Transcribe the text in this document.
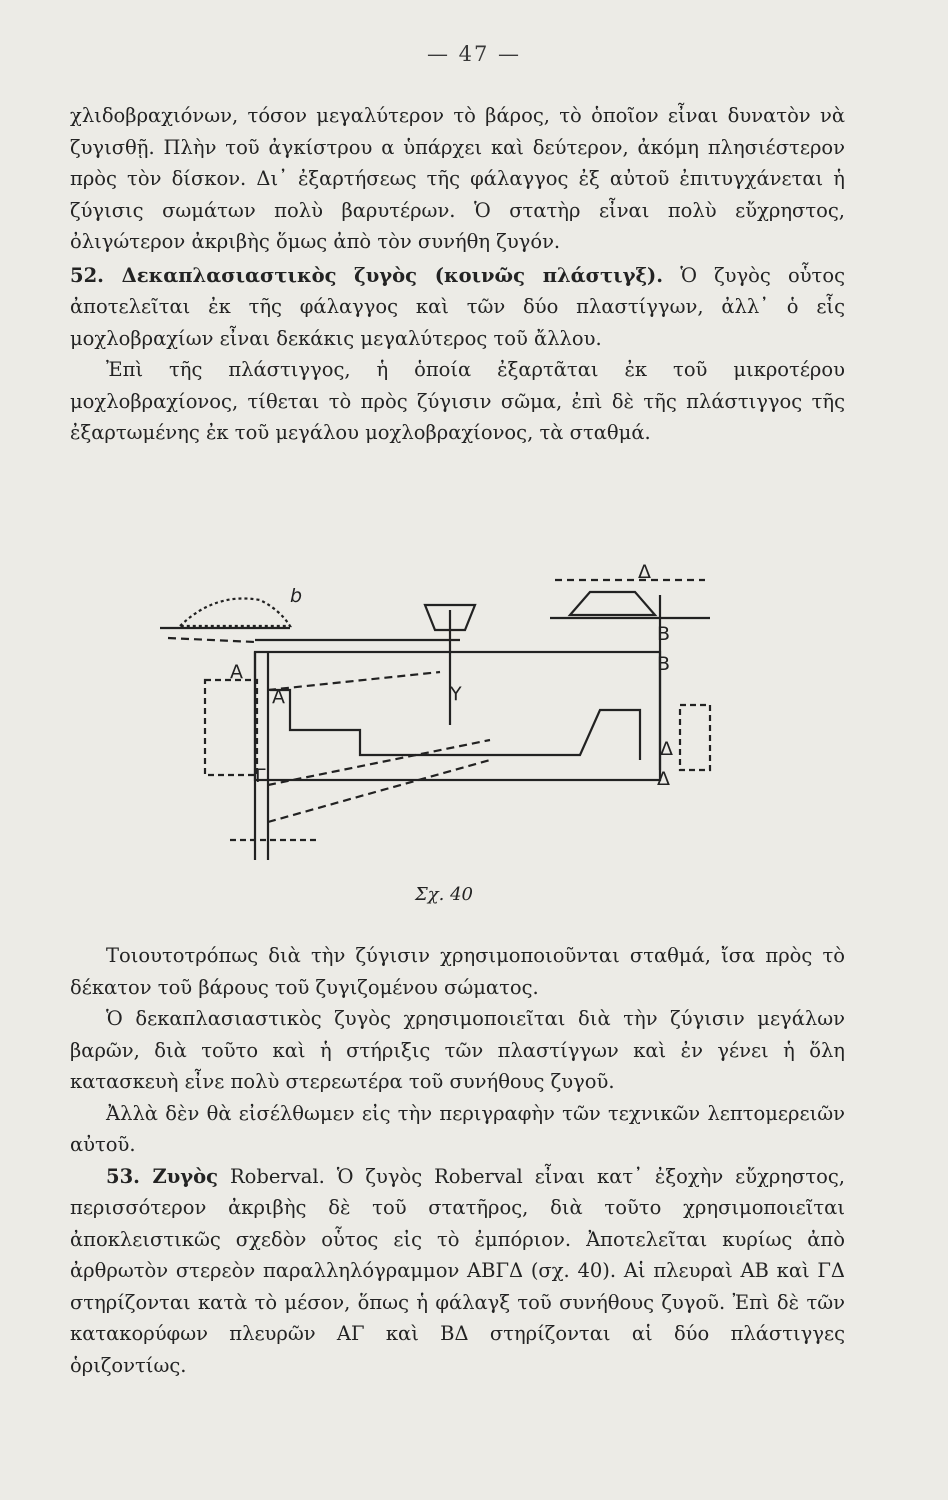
— 47 —

χλιδοβραχιόνων, τόσον μεγαλύτερον τὸ βάρος, τὸ ὁποῖον εἶναι δυνατὸν νὰ ζυγισθῇ. Πλὴν τοῦ ἀγκίστρου α ὑπάρχει καὶ δεύτερον, ἀκόμη πλησιέστερον πρὸς τὸν δίσκον. Δι᾽ ἐξαρτήσεως τῆς φάλαγγος ἐξ αὐτοῦ ἐπιτυγχάνεται ἡ ζύγισις σωμάτων πολὺ βαρυτέρων. Ὁ στατὴρ εἶναι πολὺ εὔχρηστος, ὀλιγώτερον ἀκριβὴς ὅμως ἀπὸ τὸν συνήθη ζυγόν.

52. Δεκαπλασιαστικὸς ζυγὸς (κοινῶς πλάστιγξ). Ὁ ζυγὸς οὗτος ἀποτελεῖται ἐκ τῆς φάλαγγος καὶ τῶν δύο πλαστίγγων, ἀλλ᾽ ὁ εἷς μοχλοβραχίων εἶναι δεκάκις μεγαλύτερος τοῦ ἄλλου.

Ἐπὶ τῆς πλάστιγγος, ἡ ὁποία ἐξαρτᾶται ἐκ τοῦ μικροτέρου μοχλοβραχίονος, τίθεται τὸ πρὸς ζύγισιν σῶμα, ἐπὶ δὲ τῆς πλάστιγγος τῆς ἐξαρτωμένης ἐκ τοῦ μεγάλου μοχλοβραχίονος, τὰ σταθμά.

Α
Α
Β
Β
Γ
Δ
Δ
Υ
b
Δ
Σχ. 40

Τοιουτοτρόπως διὰ τὴν ζύγισιν χρησιμοποιοῦνται σταθμά, ἴσα πρὸς τὸ δέκατον τοῦ βάρους τοῦ ζυγιζομένου σώματος.

Ὁ δεκαπλασιαστικὸς ζυγὸς χρησιμοποιεῖται διὰ τὴν ζύγισιν μεγάλων βαρῶν, διὰ τοῦτο καὶ ἡ στήριξις τῶν πλαστίγγων καὶ ἐν γένει ἡ ὅλη κατασκευὴ εἶνε πολὺ στερεωτέρα τοῦ συνήθους ζυγοῦ.

Ἀλλὰ δὲν θὰ εἰσέλθωμεν εἰς τὴν περιγραφὴν τῶν τεχνικῶν λεπτομερειῶν αὐτοῦ.

53. Ζυγὸς Roberval. Ὁ ζυγὸς Roberval εἶναι κατ᾽ ἐξοχὴν εὔχρηστος, περισσότερον ἀκριβὴς δὲ τοῦ στατῆρος, διὰ τοῦτο χρησιμοποιεῖται ἀποκλειστικῶς σχεδὸν οὗτος εἰς τὸ ἐμπόριον. Ἀποτελεῖται κυρίως ἀπὸ ἀρθρωτὸν στερεὸν παραλληλόγραμμον ΑΒΓΔ (σχ. 40). Αἱ πλευραὶ ΑΒ καὶ ΓΔ στηρίζονται κατὰ τὸ μέσον, ὅπως ἡ φάλαγξ τοῦ συνήθους ζυγοῦ. Ἐπὶ δὲ τῶν κατακορύφων πλευρῶν ΑΓ καὶ ΒΔ στηρίζονται αἱ δύο πλάστιγγες ὁριζοντίως.
